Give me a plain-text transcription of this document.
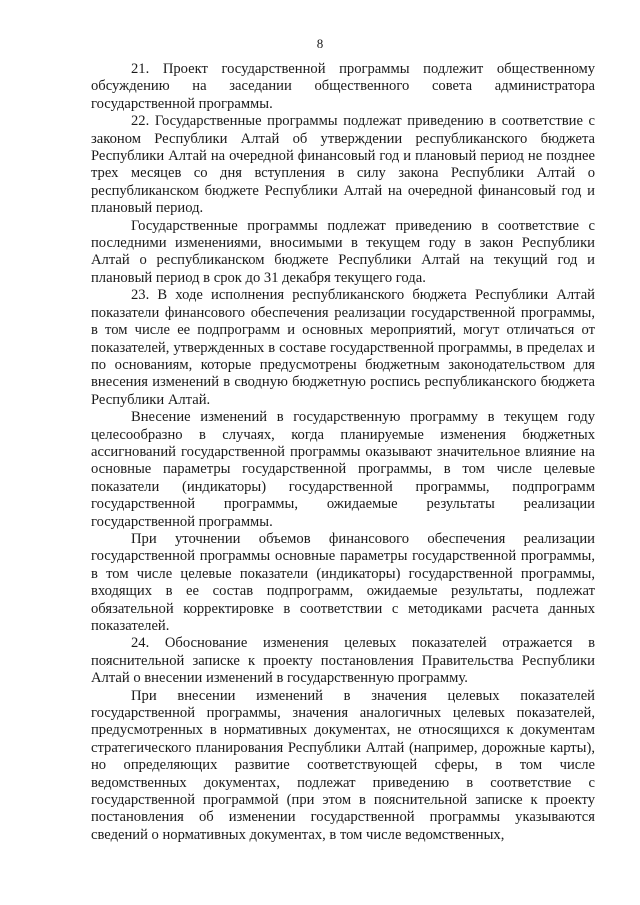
8

21. Проект государственной программы подлежит общественному обсуждению на заседании общественного совета администратора государственной программы.

22. Государственные программы подлежат приведению в соответствие с законом Республики Алтай об утверждении республиканского бюджета Республики Алтай на очередной финансовый год и плановый период не позднее трех месяцев со дня вступления в силу закона Республики Алтай о республиканском бюджете Республики Алтай на очередной финансовый год и плановый период.

Государственные программы подлежат приведению в соответствие с последними изменениями, вносимыми в текущем году в закон Республики Алтай о республиканском бюджете Республики Алтай на текущий год и плановый период в срок до 31 декабря текущего года.

23. В ходе исполнения республиканского бюджета Республики Алтай показатели финансового обеспечения реализации государственной программы, в том числе ее подпрограмм и основных мероприятий, могут отличаться от показателей, утвержденных в составе государственной программы, в пределах и по основаниям, которые предусмотрены бюджетным законодательством для внесения изменений в сводную бюджетную роспись республиканского бюджета Республики Алтай.

Внесение изменений в государственную программу в текущем году целесообразно в случаях, когда планируемые изменения бюджетных ассигнований государственной программы оказывают значительное влияние на основные параметры государственной программы, в том числе целевые показатели (индикаторы) государственной программы, подпрограмм государственной программы, ожидаемые результаты реализации государственной программы.

При уточнении объемов финансового обеспечения реализации государственной программы основные параметры государственной программы, в том числе целевые показатели (индикаторы) государственной программы, входящих в ее состав подпрограмм, ожидаемые результаты, подлежат обязательной корректировке в соответствии с методиками расчета данных показателей.

24. Обоснование изменения целевых показателей отражается в пояснительной записке к проекту постановления Правительства Республики Алтай о внесении изменений в государственную программу.

При внесении изменений в значения целевых показателей государственной программы, значения аналогичных целевых показателей, предусмотренных в нормативных документах, не относящихся к документам стратегического планирования Республики Алтай (например, дорожные карты), но определяющих развитие соответствующей сферы, в том числе ведомственных документах, подлежат приведению в соответствие с государственной программой (при этом в пояснительной записке к проекту постановления об изменении государственной программы указываются сведений о нормативных документах, в том числе ведомственных,
